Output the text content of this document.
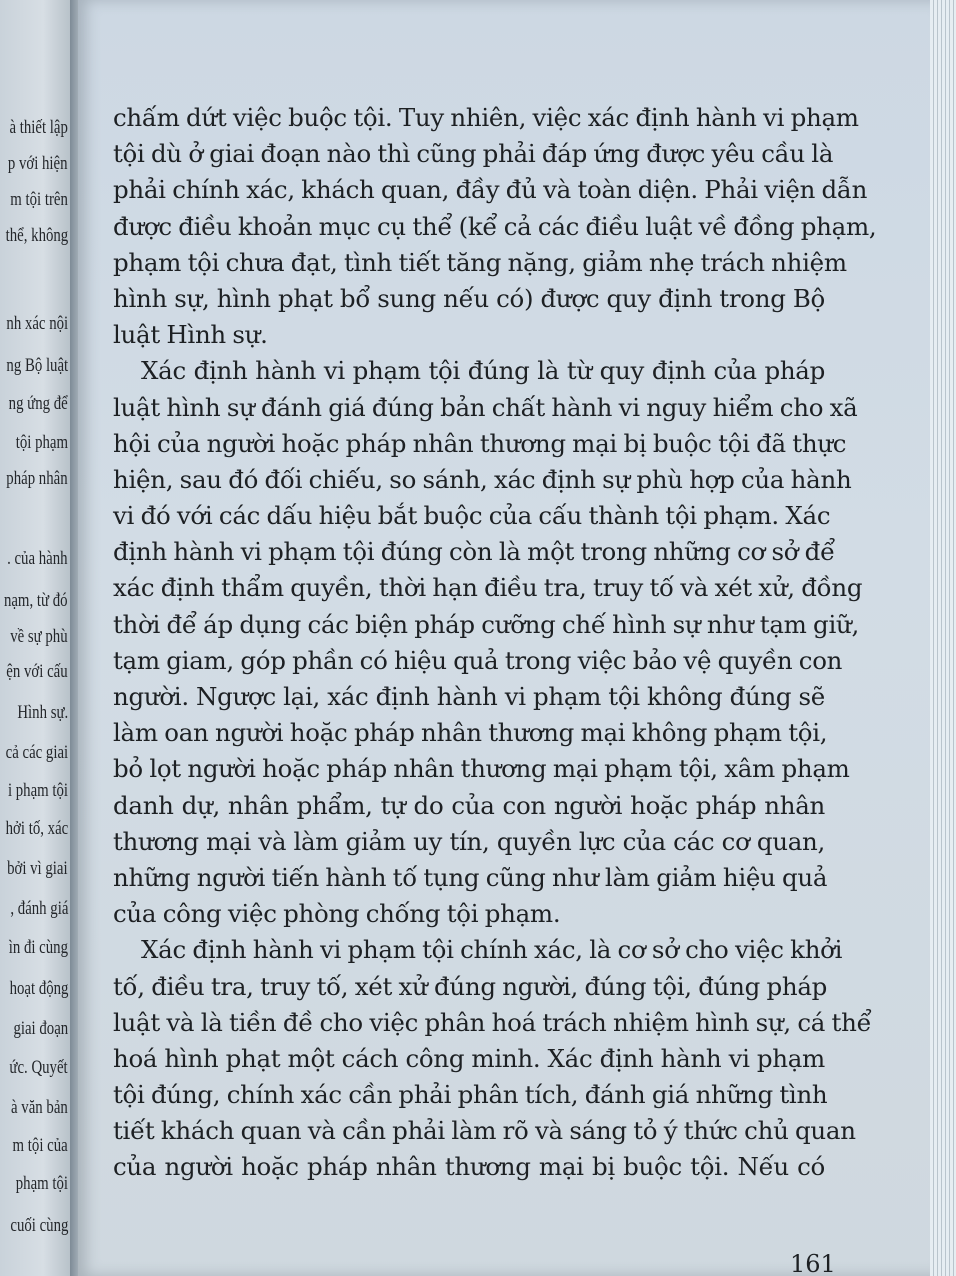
à thiết lập
p với hiện
m tội trên
thể, không
nh xác nội
ng Bộ luật
ng ứng để
tội phạm
pháp nhân
. của hành
nạm, từ đó
về sự phù
ện với cấu
Hình sự.
cả các giai
i phạm tội
hởi tố, xác
bởi vì giai
, đánh giá
ìn đi cùng
hoạt động
giai đoạn
ức. Quyết
à văn bản
m tội của
phạm tội
cuối cùng
chấm dứt việc buộc tội. Tuy nhiên, việc xác định hành vi phạm
tội dù ở giai đoạn nào thì cũng phải đáp ứng được yêu cầu là
phải chính xác, khách quan, đầy đủ và toàn diện. Phải viện dẫn
được điều khoản mục cụ thể (kể cả các điều luật về đồng phạm,
phạm tội chưa đạt, tình tiết tăng nặng, giảm nhẹ trách nhiệm
hình sự, hình phạt bổ sung nếu có) được quy định trong Bộ
luật Hình sự.
Xác định hành vi phạm tội đúng là từ quy định của pháp
luật hình sự đánh giá đúng bản chất hành vi nguy hiểm cho xã
hội của người hoặc pháp nhân thương mại bị buộc tội đã thực
hiện, sau đó đối chiếu, so sánh, xác định sự phù hợp của hành
vi đó với các dấu hiệu bắt buộc của cấu thành tội phạm. Xác
định hành vi phạm tội đúng còn là một trong những cơ sở để
xác định thẩm quyền, thời hạn điều tra, truy tố và xét xử, đồng
thời để áp dụng các biện pháp cưỡng chế hình sự như tạm giữ,
tạm giam, góp phần có hiệu quả trong việc bảo vệ quyền con
người. Ngược lại, xác định hành vi phạm tội không đúng sẽ
làm oan người hoặc pháp nhân thương mại không phạm tội,
bỏ lọt người hoặc pháp nhân thương mại phạm tội, xâm phạm
danh dự, nhân phẩm, tự do của con người hoặc pháp nhân
thương mại và làm giảm uy tín, quyền lực của các cơ quan,
những người tiến hành tố tụng cũng như làm giảm hiệu quả
của công việc phòng chống tội phạm.
Xác định hành vi phạm tội chính xác, là cơ sở cho việc khởi
tố, điều tra, truy tố, xét xử đúng người, đúng tội, đúng pháp
luật và là tiền đề cho việc phân hoá trách nhiệm hình sự, cá thể
hoá hình phạt một cách công minh. Xác định hành vi phạm
tội đúng, chính xác cần phải phân tích, đánh giá những tình
tiết khách quan và cần phải làm rõ và sáng tỏ ý thức chủ quan
của người hoặc pháp nhân thương mại bị buộc tội. Nếu có
161
